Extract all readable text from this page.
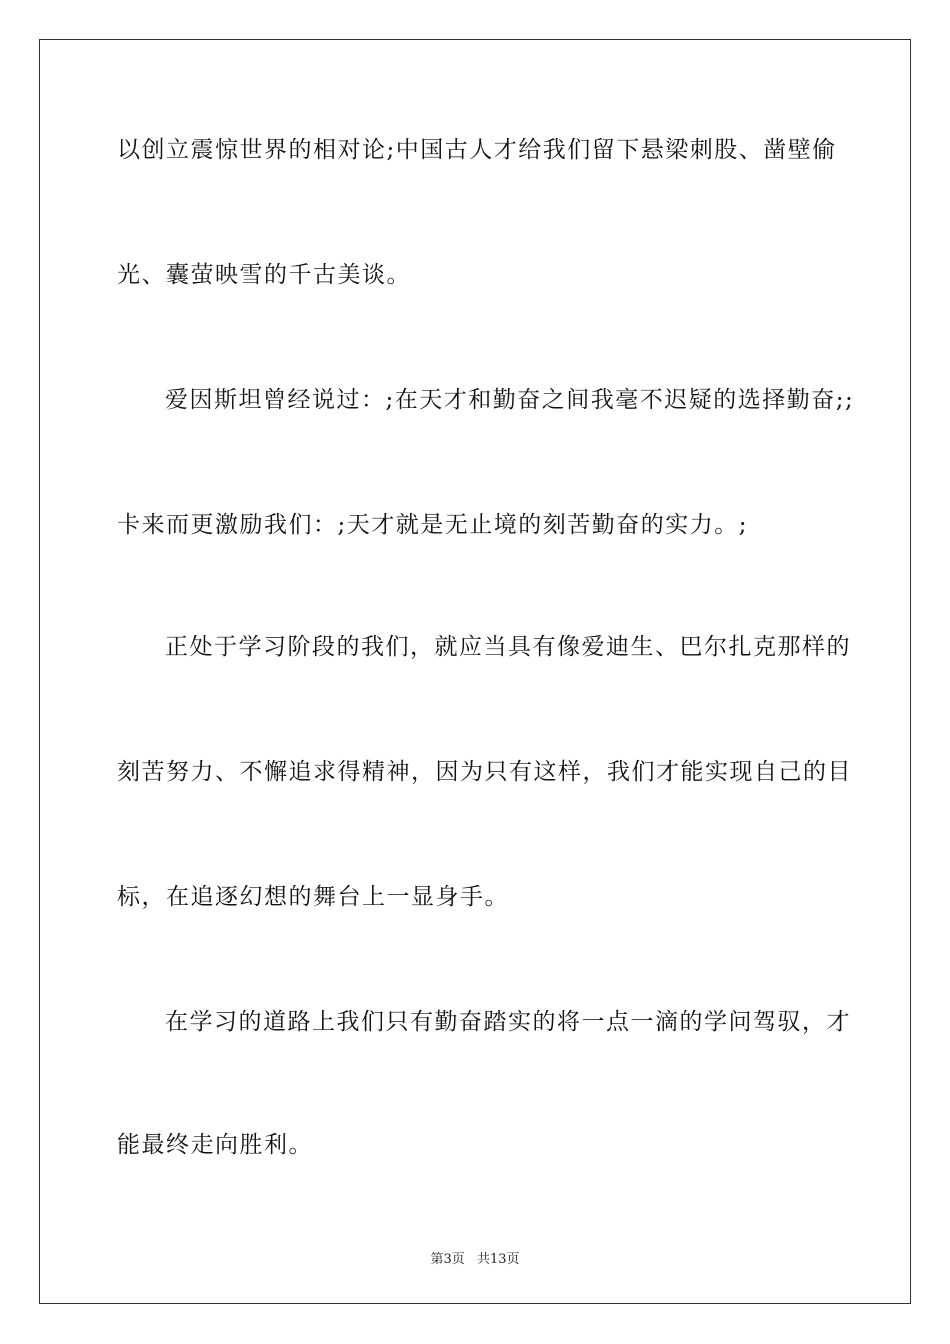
以创立震惊世界的相对论;中国古人才给我们留下悬梁刺股、凿壁偷
光、囊萤映雪的千古美谈。
爱因斯坦曾经说过：;在天才和勤奋之间我毫不迟疑的选择勤奋;;
卡来而更激励我们：;天才就是无止境的刻苦勤奋的实力。;
正处于学习阶段的我们，就应当具有像爱迪生、巴尔扎克那样的
刻苦努力、不懈追求得精神，因为只有这样，我们才能实现自己的目
标，在追逐幻想的舞台上一显身手。
在学习的道路上我们只有勤奋踏实的将一点一滴的学问驾驭，才
能最终走向胜利。
第3页 共13页
